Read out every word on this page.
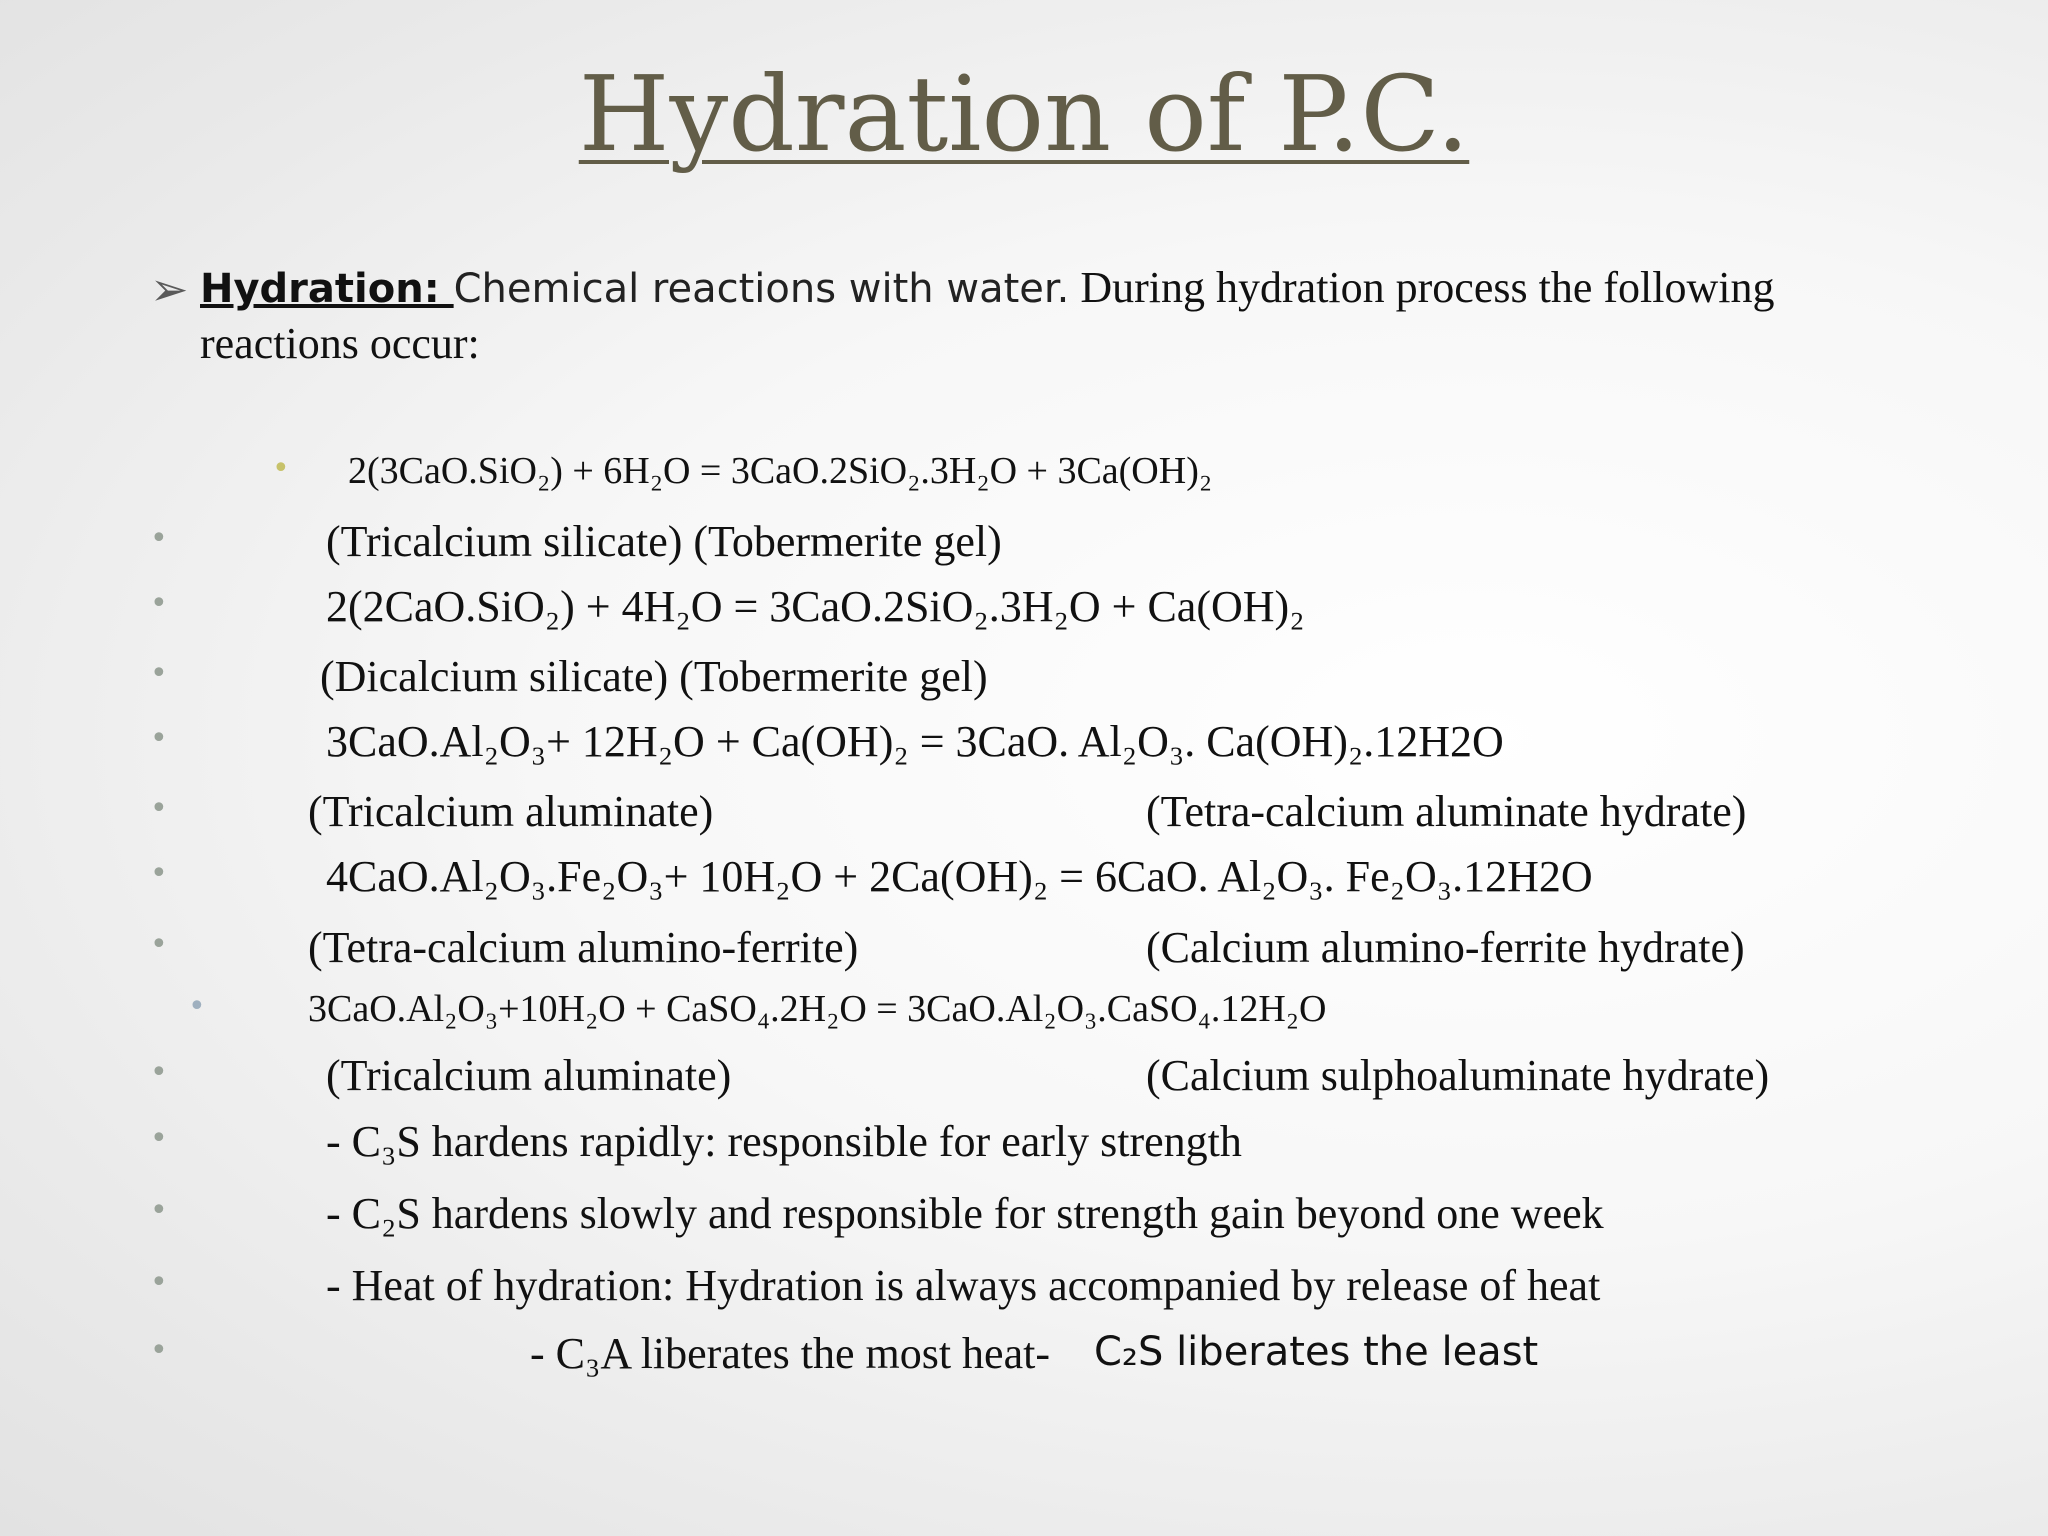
Hydration of P.C.
➢ Hydration: Chemical reactions with water. During hydration process the following
reactions occur:
• 2(3CaO.SiO₂) + 6H₂O = 3CaO.2SiO₂.3H₂O + 3Ca(OH)₂
•	(Tricalcium silicate) (Tobermerite gel)
•	2(2CaO.SiO₂) + 4H₂O = 3CaO.2SiO₂.3H₂O + Ca(OH)₂
•	(Dicalcium silicate) (Tobermerite gel)
•	3CaO.Al₂O₃+ 12H₂O + Ca(OH)₂ = 3CaO. Al₂O₃. Ca(OH)₂.12H2O
•	(Tricalcium aluminate)	(Tetra-calcium aluminate hydrate)
•	4CaO.Al₂O₃.Fe₂O₃+ 10H₂O + 2Ca(OH)₂ = 6CaO. Al₂O₃. Fe₂O₃.12H2O
•	(Tetra-calcium alumino-ferrite)	(Calcium alumino-ferrite hydrate)
•	3CaO.Al₂O₃+10H₂O + CaSO₄.2H₂O = 3CaO.Al₂O₃.CaSO₄.12H₂O
•	(Tricalcium aluminate)	(Calcium sulphoaluminate hydrate)
•	- C₃S hardens rapidly: responsible for early strength
•	- C₂S hardens slowly and responsible for strength gain beyond one week
•	- Heat of hydration: Hydration is always accompanied by release of heat
•	- C₃A liberates the most heat- C₂S liberates the least
